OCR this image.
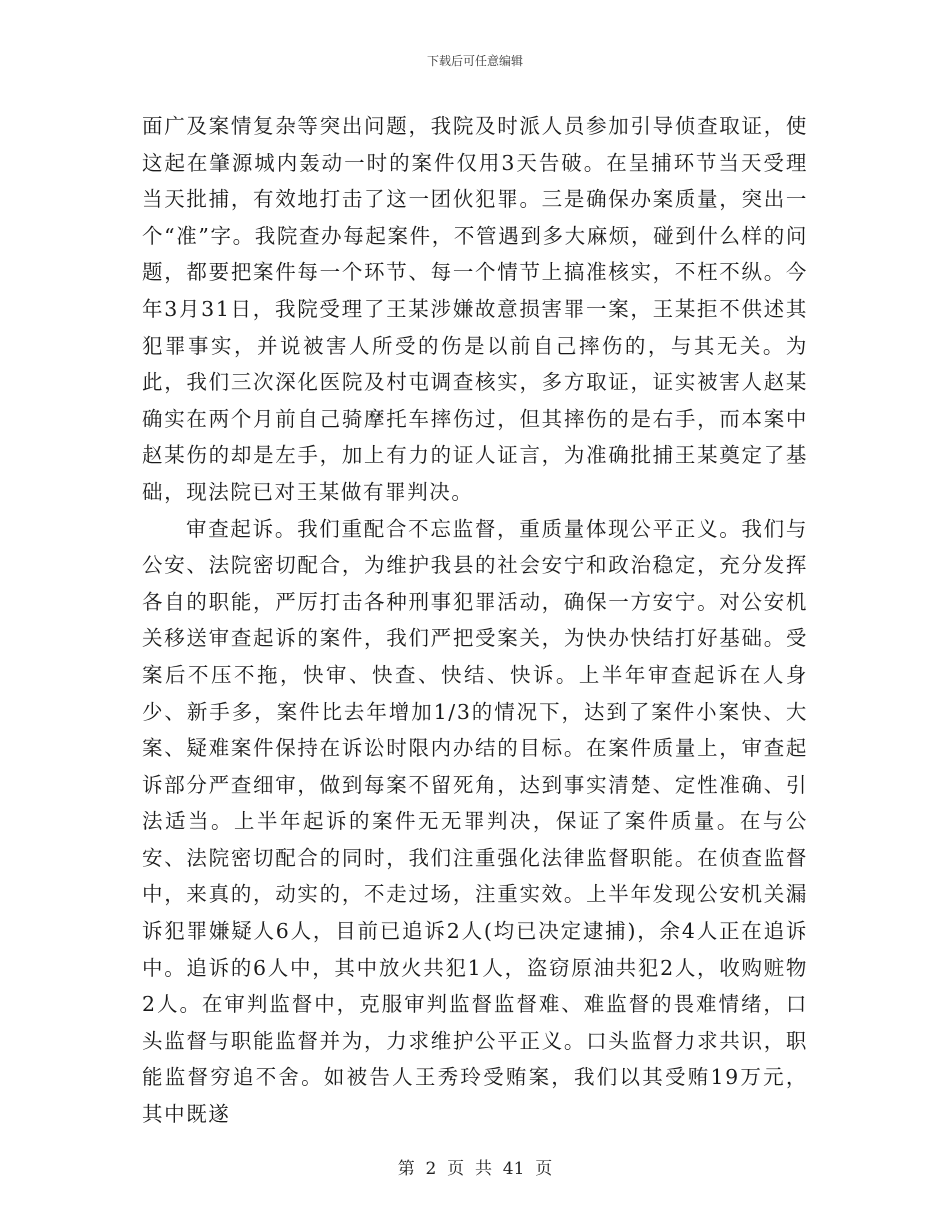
下载后可任意编辑

面广及案情复杂等突出问题，我院及时派人员参加引导侦查取证，使这起在肇源城内轰动一时的案件仅用3天告破。在呈捕环节当天受理当天批捕，有效地打击了这一团伙犯罪。三是确保办案质量，突出一个“准”字。我院查办每起案件，不管遇到多大麻烦，碰到什么样的问题，都要把案件每一个环节、每一个情节上搞准核实，不枉不纵。今年3月31日，我院受理了王某涉嫌故意损害罪一案，王某拒不供述其犯罪事实，并说被害人所受的伤是以前自己摔伤的，与其无关。为此，我们三次深化医院及村屯调查核实，多方取证，证实被害人赵某确实在两个月前自己骑摩托车摔伤过，但其摔伤的是右手，而本案中赵某伤的却是左手，加上有力的证人证言，为准确批捕王某奠定了基础，现法院已对王某做有罪判决。

审查起诉。我们重配合不忘监督，重质量体现公平正义。我们与公安、法院密切配合，为维护我县的社会安宁和政治稳定，充分发挥各自的职能，严厉打击各种刑事犯罪活动，确保一方安宁。对公安机关移送审查起诉的案件，我们严把受案关，为快办快结打好基础。受案后不压不拖，快审、快查、快结、快诉。上半年审查起诉在人身少、新手多，案件比去年增加1/3的情况下，达到了案件小案快、大案、疑难案件保持在诉讼时限内办结的目标。在案件质量上，审查起诉部分严查细审，做到每案不留死角，达到事实清楚、定性准确、引法适当。上半年起诉的案件无无罪判决，保证了案件质量。在与公安、法院密切配合的同时，我们注重强化法律监督职能。在侦查监督中，来真的，动实的，不走过场，注重实效。上半年发现公安机关漏诉犯罪嫌疑人6人，目前已追诉2人(均已决定逮捕)，余4人正在追诉中。追诉的6人中，其中放火共犯1人，盗窃原油共犯2人，收购赃物2人。在审判监督中，克服审判监督监督难、难监督的畏难情绪，口头监督与职能监督并为，力求维护公平正义。口头监督力求共识，职能监督穷追不舍。如被告人王秀玲受贿案，我们以其受贿19万元，其中既遂

第  2  页  共  41  页
